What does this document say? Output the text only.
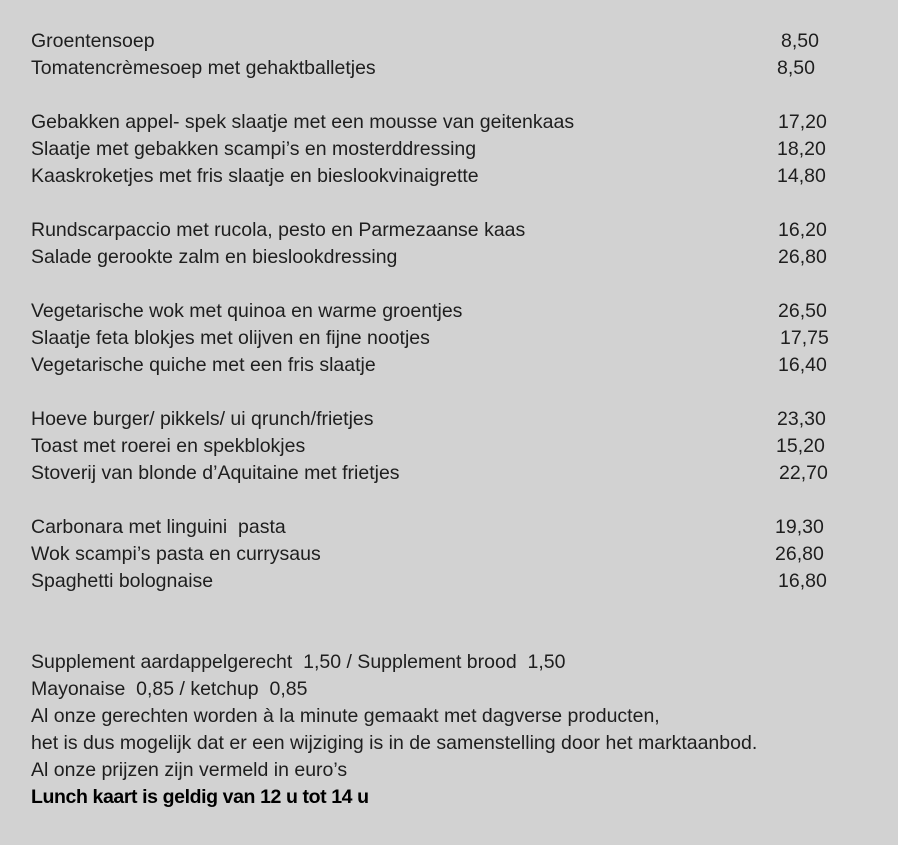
Groentensoep	8,50
Tomatencrèmesoep met gehaktballetjes	8,50
Gebakken appel- spek slaatje met een mousse van geitenkaas	17,20
Slaatje met gebakken scampi’s en mosterddressing	18,20
Kaaskroketjes met fris slaatje en bieslookvinaigrette	14,80
Rundscarpaccio met rucola, pesto en Parmezaanse kaas	16,20
Salade gerookte zalm en bieslookdressing	26,80
Vegetarische wok met quinoa en warme groentjes	26,50
Slaatje feta blokjes met olijven en fijne nootjes	17,75
Vegetarische quiche met een fris slaatje	16,40
Hoeve burger/ pikkels/ ui qrunch/frietjes	23,30
Toast met roerei en spekblokjes	15,20
Stoverij van blonde d’Aquitaine met frietjes	22,70
Carbonara met linguini  pasta	19,30
Wok scampi’s pasta en currysaus	26,80
Spaghetti bolognaise	16,80
Supplement aardappelgerecht  1,50 / Supplement brood  1,50
Mayonaise  0,85 / ketchup  0,85
Al onze gerechten worden à la minute gemaakt met dagverse producten,
het is dus mogelijk dat er een wijziging is in de samenstelling door het marktaanbod.
Al onze prijzen zijn vermeld in euro’s
Lunch kaart is geldig van 12 u tot 14 u
